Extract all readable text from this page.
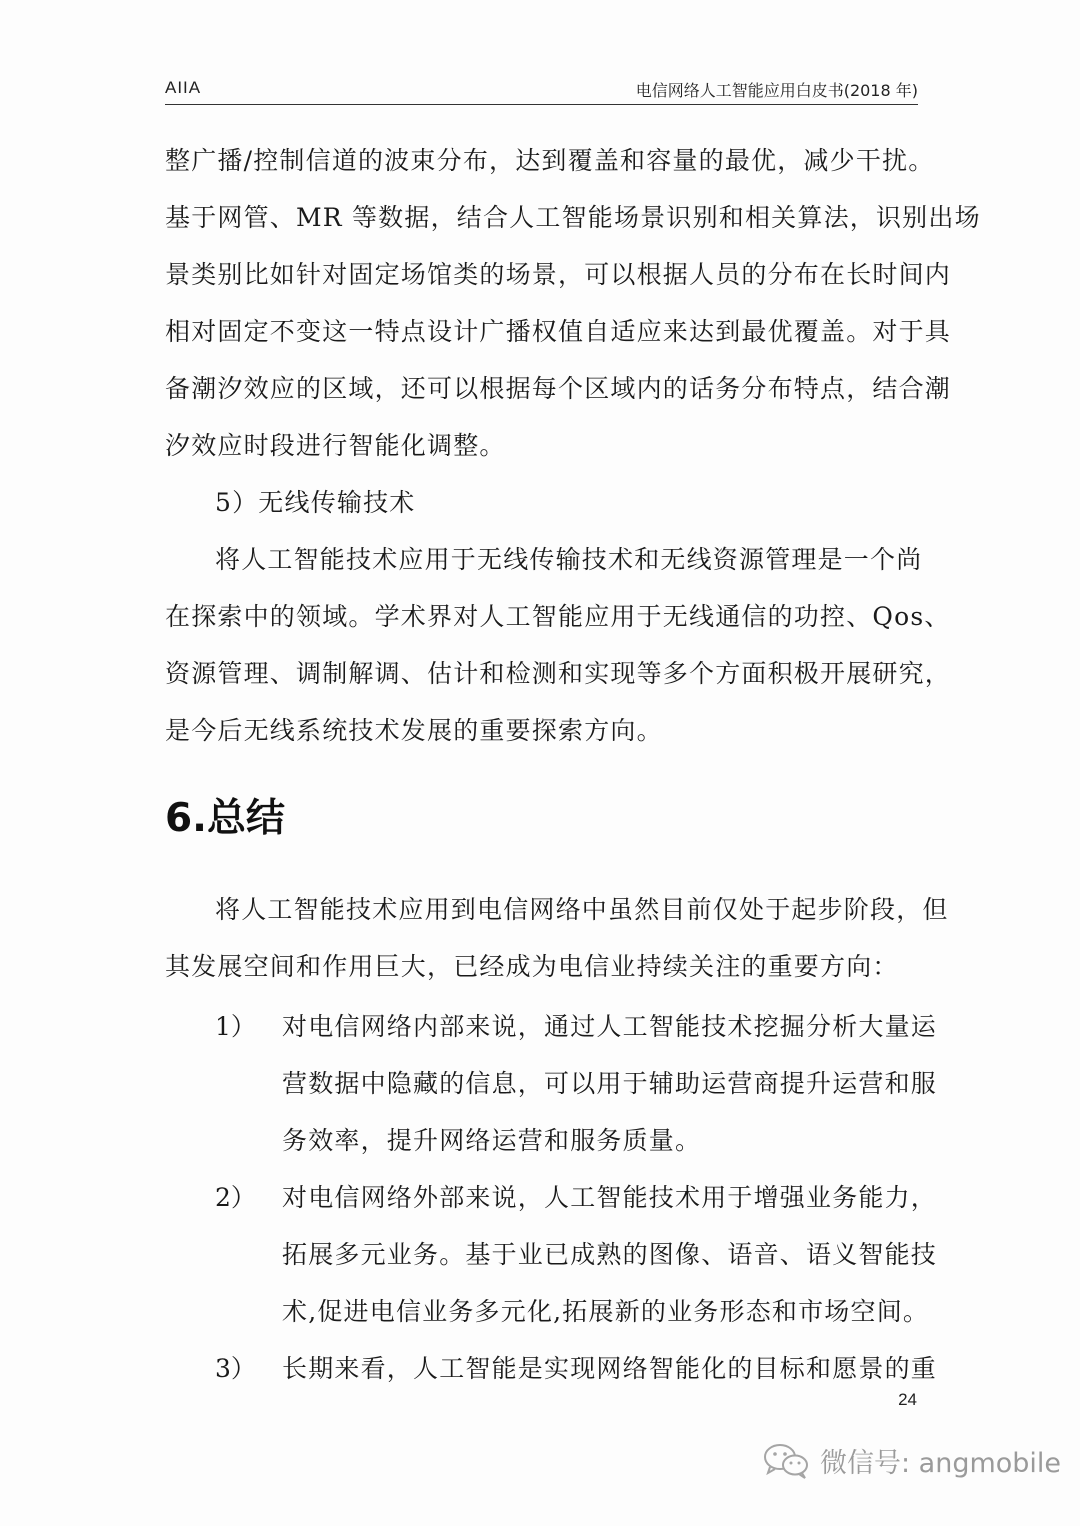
AIIA	电信网络人工智能应用白皮书(2018 年)
整广播/控制信道的波束分布，达到覆盖和容量的最优，减少干扰。
基于网管、MR 等数据，结合人工智能场景识别和相关算法，识别出场
景类别比如针对固定场馆类的场景，可以根据人员的分布在长时间内
相对固定不变这一特点设计广播权值自适应来达到最优覆盖。对于具
备潮汐效应的区域，还可以根据每个区域内的话务分布特点，结合潮
汐效应时段进行智能化调整。
5）无线传输技术
将人工智能技术应用于无线传输技术和无线资源管理是一个尚
在探索中的领域。学术界对人工智能应用于无线通信的功控、Qos、
资源管理、调制解调、估计和检测和实现等多个方面积极开展研究，
是今后无线系统技术发展的重要探索方向。
6.总结
将人工智能技术应用到电信网络中虽然目前仅处于起步阶段，但
其发展空间和作用巨大，已经成为电信业持续关注的重要方向：
1） 对电信网络内部来说，通过人工智能技术挖掘分析大量运
营数据中隐藏的信息，可以用于辅助运营商提升运营和服
务效率，提升网络运营和服务质量。
2） 对电信网络外部来说，人工智能技术用于增强业务能力，
拓展多元业务。基于业已成熟的图像、语音、语义智能技
术,促进电信业务多元化,拓展新的业务形态和市场空间。
3） 长期来看，人工智能是实现网络智能化的目标和愿景的重
24
微信号: angmobile
